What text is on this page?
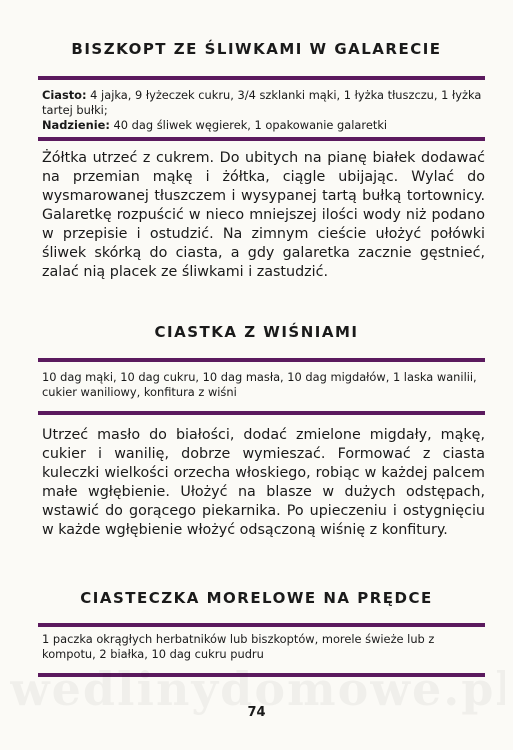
BISZKOPT ZE ŚLIWKAMI W GALARECIE
Ciasto: 4 jajka, 9 łyżeczek cukru, 3/4 szklanki mąki, 1 łyżka tłuszczu, 1 łyżka tartej bułki;
Nadzienie: 40 dag śliwek węgierek, 1 opakowanie galaretki

Żółtka utrzeć z cukrem. Do ubitych na pianę białek dodawać na przemian mąkę i żółtka, ciągle ubijając. Wylać do wysmarowanej tłuszczem i wysypanej tartą bułką tortownicy. Galaretkę rozpuścić w nieco mniejszej ilości wody niż podano w przepisie i ostudzić. Na zimnym cieście ułożyć połówki śliwek skórką do ciasta, a gdy galaretka zacznie gęstnieć, zalać nią placek ze śliwkami i zastudzić.

CIASTKA Z WIŚNIAMI

10 dag mąki, 10 dag cukru, 10 dag masła, 10 dag migdałów, 1 laska wanilii, cukier waniliowy, konfitura z wiśni

Utrzeć masło do białości, dodać zmielone migdały, mąkę, cukier i wanilię, dobrze wymieszać. Formować z ciasta kuleczki wielkości orzecha włoskiego, robiąc w każdej palcem małe wgłębienie. Ułożyć na blasze w dużych odstępach, wstawić do gorącego piekarnika. Po upieczeniu i ostygnięciu w każde wgłębienie włożyć odsączoną wiśnię z konfitury.

CIASTECZKA MORELOWE NA PRĘDCE

1 paczka okrągłych herbatników lub biszkoptów, morele świeże lub z kompotu, 2 białka, 10 dag cukru pudru

74
